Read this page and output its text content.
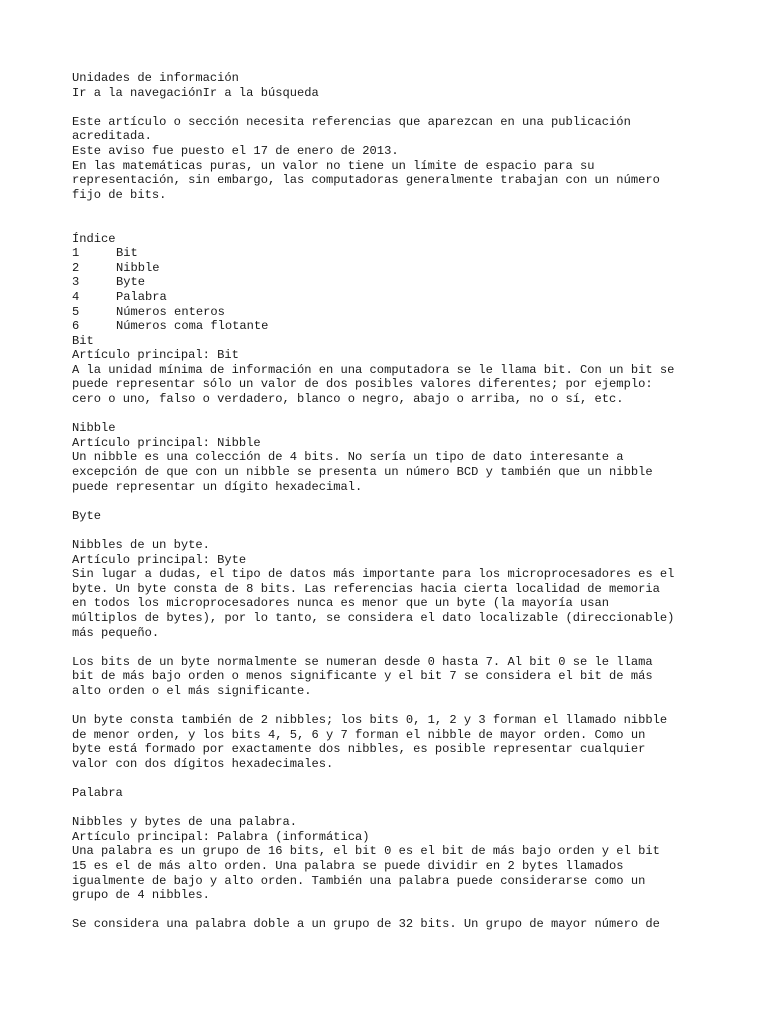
Unidades de información
Ir a la navegaciónIr a la búsqueda
Este artículo o sección necesita referencias que aparezcan en una publicación
acreditada.
Este aviso fue puesto el 17 de enero de 2013.
En las matemáticas puras, un valor no tiene un límite de espacio para su
representación, sin embargo, las computadoras generalmente trabajan con un número
fijo de bits.
Índice
1	Bit
2	Nibble
3	Byte
4	Palabra
5	Números enteros
6	Números coma flotante
Bit
Artículo principal: Bit
A la unidad mínima de información en una computadora se le llama bit. Con un bit se
puede representar sólo un valor de dos posibles valores diferentes; por ejemplo:
cero o uno, falso o verdadero, blanco o negro, abajo o arriba, no o sí, etc.
Nibble
Artículo principal: Nibble
Un nibble es una colección de 4 bits. No sería un tipo de dato interesante a
excepción de que con un nibble se presenta un número BCD y también que un nibble
puede representar un dígito hexadecimal.
Byte
Nibbles de un byte.
Artículo principal: Byte
Sin lugar a dudas, el tipo de datos más importante para los microprocesadores es el
byte. Un byte consta de 8 bits. Las referencias hacia cierta localidad de memoria
en todos los microprocesadores nunca es menor que un byte (la mayoría usan
múltiplos de bytes), por lo tanto, se considera el dato localizable (direccionable)
más pequeño.
Los bits de un byte normalmente se numeran desde 0 hasta 7. Al bit 0 se le llama
bit de más bajo orden o menos significante y el bit 7 se considera el bit de más
alto orden o el más significante.
Un byte consta también de 2 nibbles; los bits 0, 1, 2 y 3 forman el llamado nibble
de menor orden, y los bits 4, 5, 6 y 7 forman el nibble de mayor orden. Como un
byte está formado por exactamente dos nibbles, es posible representar cualquier
valor con dos dígitos hexadecimales.
Palabra
Nibbles y bytes de una palabra.
Artículo principal: Palabra (informática)
Una palabra es un grupo de 16 bits, el bit 0 es el bit de más bajo orden y el bit
15 es el de más alto orden. Una palabra se puede dividir en 2 bytes llamados
igualmente de bajo y alto orden. También una palabra puede considerarse como un
grupo de 4 nibbles.
Se considera una palabra doble a un grupo de 32 bits. Un grupo de mayor número de
